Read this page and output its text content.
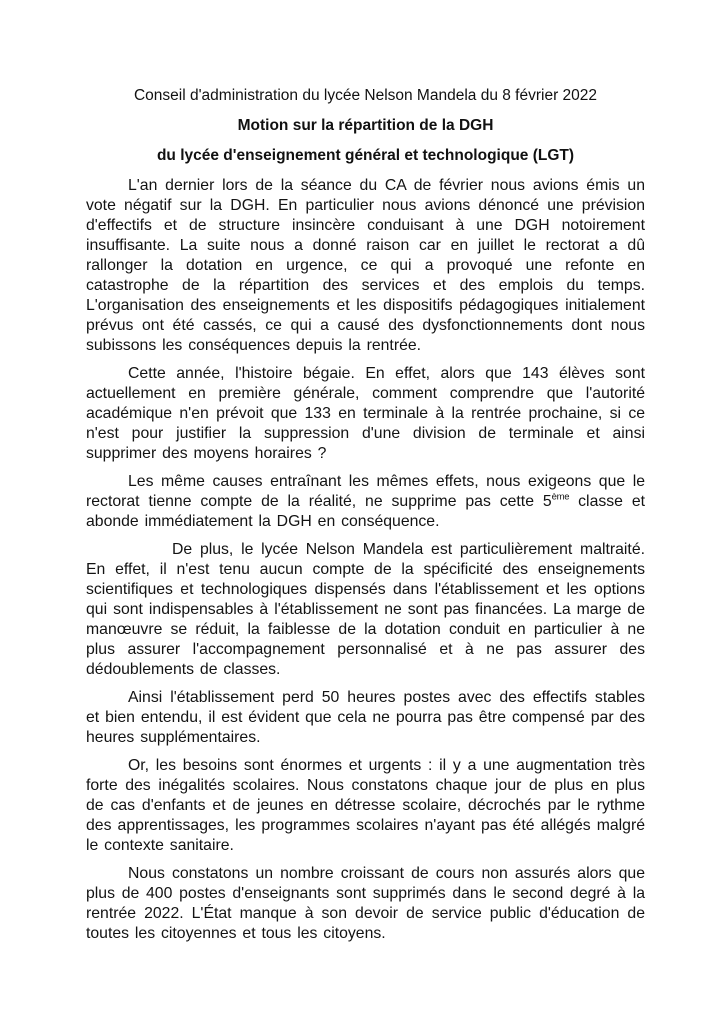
Conseil d'administration du lycée Nelson Mandela du 8 février 2022

Motion sur la répartition de la DGH

du lycée d'enseignement général et technologique (LGT)

L'an dernier lors de la séance du CA de février nous avions émis un vote négatif sur la DGH. En particulier nous avions dénoncé une prévision d'effectifs et de structure insincère conduisant à une DGH notoirement insuffisante. La suite nous a donné raison car en juillet le rectorat a dû rallonger la dotation en urgence, ce qui a provoqué une refonte en catastrophe de la répartition des services et des emplois du temps. L'organisation des enseignements et les dispositifs pédagogiques initialement prévus ont été cassés, ce qui a causé des dysfonctionnements dont nous subissons les conséquences depuis la rentrée.

Cette année, l'histoire bégaie. En effet, alors que 143 élèves sont actuellement en première générale, comment comprendre que l'autorité académique n'en prévoit que 133 en terminale à la rentrée prochaine, si ce n'est pour justifier la suppression d'une division de terminale et ainsi supprimer des moyens horaires ?

Les même causes entraînant les mêmes effets, nous exigeons que le rectorat tienne compte de la réalité, ne supprime pas cette 5ème classe et abonde immédiatement la DGH en conséquence.

De plus, le lycée Nelson Mandela est particulièrement maltraité. En effet, il n'est tenu aucun compte de la spécificité des enseignements scientifiques et technologiques dispensés dans l'établissement et les options qui sont indispensables à l'établissement ne sont pas financées. La marge de manœuvre se réduit, la faiblesse de la dotation conduit en particulier à ne plus assurer l'accompagnement personnalisé et à ne pas assurer des dédoublements de classes.

Ainsi l'établissement perd 50 heures postes avec des effectifs stables et bien entendu, il est évident que cela ne pourra pas être compensé par des heures supplémentaires.

Or, les besoins sont énormes et urgents : il y a une augmentation très forte des inégalités scolaires. Nous constatons chaque jour de plus en plus de cas d'enfants et de jeunes en détresse scolaire, décrochés par le rythme des apprentissages, les programmes scolaires n'ayant pas été allégés malgré le contexte sanitaire.

Nous constatons un nombre croissant de cours non assurés alors que plus de 400 postes d'enseignants sont supprimés dans le second degré à la rentrée 2022. L'État manque à son devoir de service public d'éducation de toutes les citoyennes et tous les citoyens.
